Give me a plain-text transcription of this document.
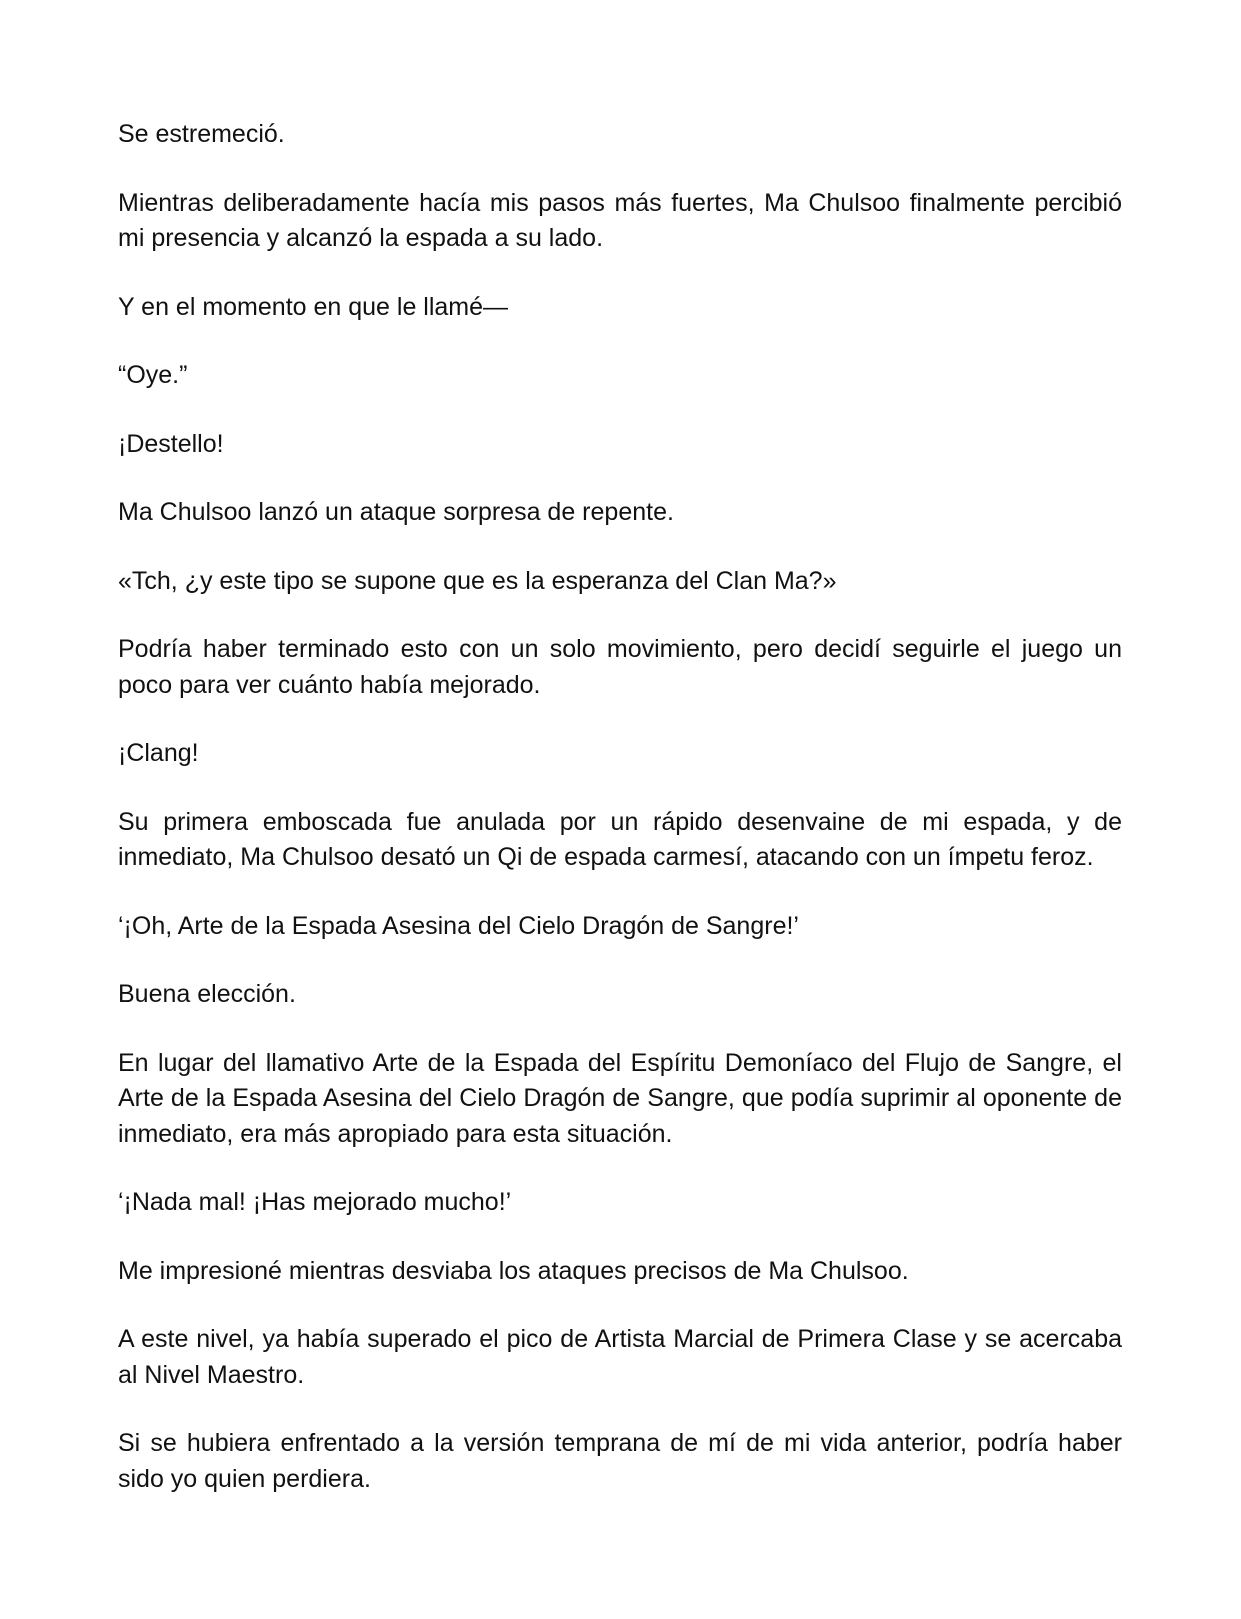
Se estremeció.

Mientras deliberadamente hacía mis pasos más fuertes, Ma Chulsoo finalmente percibió mi presencia y alcanzó la espada a su lado.

Y en el momento en que le llamé—

“Oye.”

¡Destello!

Ma Chulsoo lanzó un ataque sorpresa de repente.

«Tch, ¿y este tipo se supone que es la esperanza del Clan Ma?»

Podría haber terminado esto con un solo movimiento, pero decidí seguirle el juego un poco para ver cuánto había mejorado.

¡Clang!

Su primera emboscada fue anulada por un rápido desenvaine de mi espada, y de inmediato, Ma Chulsoo desató un Qi de espada carmesí, atacando con un ímpetu feroz.

‘¡Oh, Arte de la Espada Asesina del Cielo Dragón de Sangre!’

Buena elección.

En lugar del llamativo Arte de la Espada del Espíritu Demoníaco del Flujo de Sangre, el Arte de la Espada Asesina del Cielo Dragón de Sangre, que podía suprimir al oponente de inmediato, era más apropiado para esta situación.

‘¡Nada mal! ¡Has mejorado mucho!’

Me impresioné mientras desviaba los ataques precisos de Ma Chulsoo.

A este nivel, ya había superado el pico de Artista Marcial de Primera Clase y se acercaba al Nivel Maestro.

Si se hubiera enfrentado a la versión temprana de mí de mi vida anterior, podría haber sido yo quien perdiera.
